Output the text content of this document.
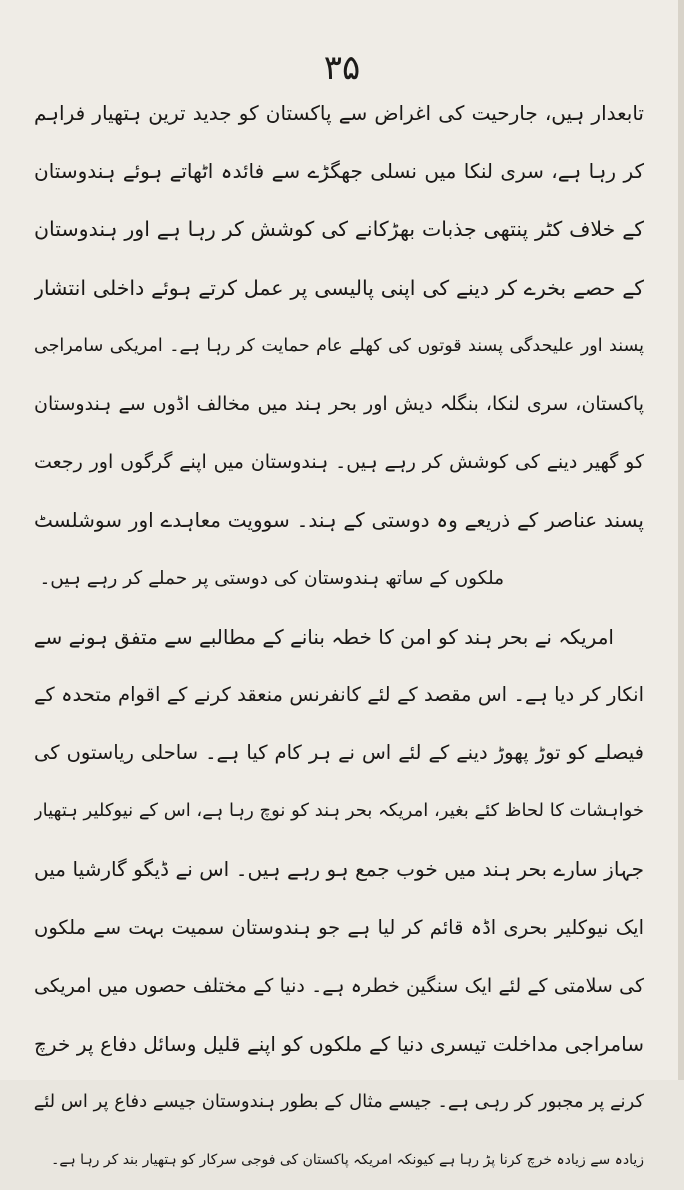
۳۵
تابعدار ہیں، جارحیت کی اغراض سے پاکستان کو جدید ترین ہتھیار فراہم
کر رہا ہے، سری لنکا میں نسلی جھگڑے سے فائدہ اٹھاتے ہوئے ہندوستان
کے خلاف کٹر پنتھی جذبات بھڑکانے کی کوشش کر رہا ہے اور ہندوستان
کے حصے بخرے کر دینے کی اپنی پالیسی پر عمل کرتے ہوئے داخلی انتشار
پسند اور علیحدگی پسند قوتوں کی کھلے عام حمایت کر رہا ہے۔ امریکی سامراجی
پاکستان، سری لنکا، بنگلہ دیش اور بحر ہند میں مخالف اڈوں سے ہندوستان
کو گھیر دینے کی کوشش کر رہے ہیں۔ ہندوستان میں اپنے گرگوں اور رجعت
پسند عناصر کے ذریعے وہ دوستی کے ہند۔ سوویت معاہدے اور سوشلسٹ
ملکوں کے ساتھ ہندوستان کی دوستی پر حملے کر رہے ہیں۔
امریکہ نے بحر ہند کو امن کا خطہ بنانے کے مطالبے سے متفق ہونے سے
انکار کر دیا ہے۔ اس مقصد کے لئے کانفرنس منعقد کرنے کے اقوام متحدہ کے
فیصلے کو توڑ پھوڑ دینے کے لئے اس نے ہر کام کیا ہے۔ ساحلی ریاستوں کی
خواہشات کا لحاظ کئے بغیر، امریکہ بحر ہند کو نوچ رہا ہے، اس کے نیوکلیر ہتھیار
جہاز سارے بحر ہند میں خوب جمع ہو رہے ہیں۔ اس نے ڈیگو گارشیا میں
ایک نیوکلیر بحری اڈہ قائم کر لیا ہے جو ہندوستان سمیت بہت سے ملکوں
کی سلامتی کے لئے ایک سنگین خطرہ ہے۔ دنیا کے مختلف حصوں میں امریکی
سامراجی مداخلت تیسری دنیا کے ملکوں کو اپنے قلیل وسائل دفاع پر خرچ
کرنے پر مجبور کر رہی ہے۔ جیسے مثال کے بطور ہندوستان جیسے دفاع پر اس لئے
زیادہ سے زیادہ خرچ کرنا پڑ رہا ہے کیونکہ امریکہ پاکستان کی فوجی سرکار کو ہتھیار بند کر رہا ہے۔
